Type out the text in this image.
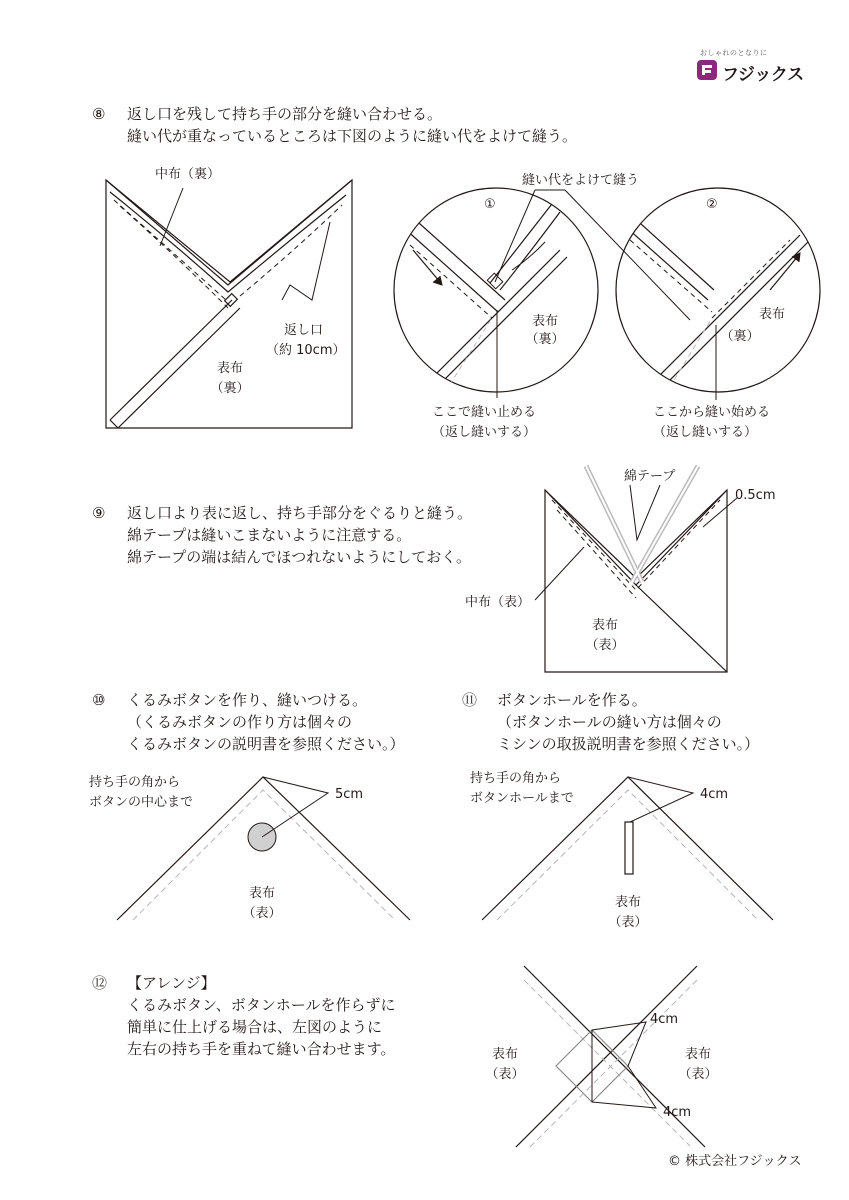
おしゃれのとなりに
フジックス
⑧ 返し口を残して持ち手の部分を縫い合わせる。
縫い代が重なっているところは下図のように縫い代をよけて縫う。
中布（裏）
返し口
（約 10cm）
表布
（裏）
縫い代をよけて縫う
①
表布
（裏）
ここで縫い止める
（返し縫いする）
②
表布
（裏）
ここから縫い始める
（返し縫いする）
⑨ 返し口より表に返し、持ち手部分をぐるりと縫う。
綿テープは縫いこまないように注意する。
綿テープの端は結んでほつれないようにしておく。
綿テープ
0.5cm
中布（表）
表布
（表）
⑩ くるみボタンを作り、縫いつける。
（くるみボタンの作り方は個々の
くるみボタンの説明書を参照ください。）
持ち手の角から
ボタンの中心まで
5cm
表布
（表）
⑪ ボタンホールを作る。
（ボタンホールの縫い方は個々の
ミシンの取扱説明書を参照ください。）
持ち手の角から
ボタンホールまで	4cm
表布
（表）
⑫ 【アレンジ】
くるみボタン、ボタンホールを作らずに
簡単に仕上げる場合は、左図のように
左右の持ち手を重ねて縫い合わせます。
4cm
4cm
表布
（表）
表布
（表）
© 株式会社フジックス
